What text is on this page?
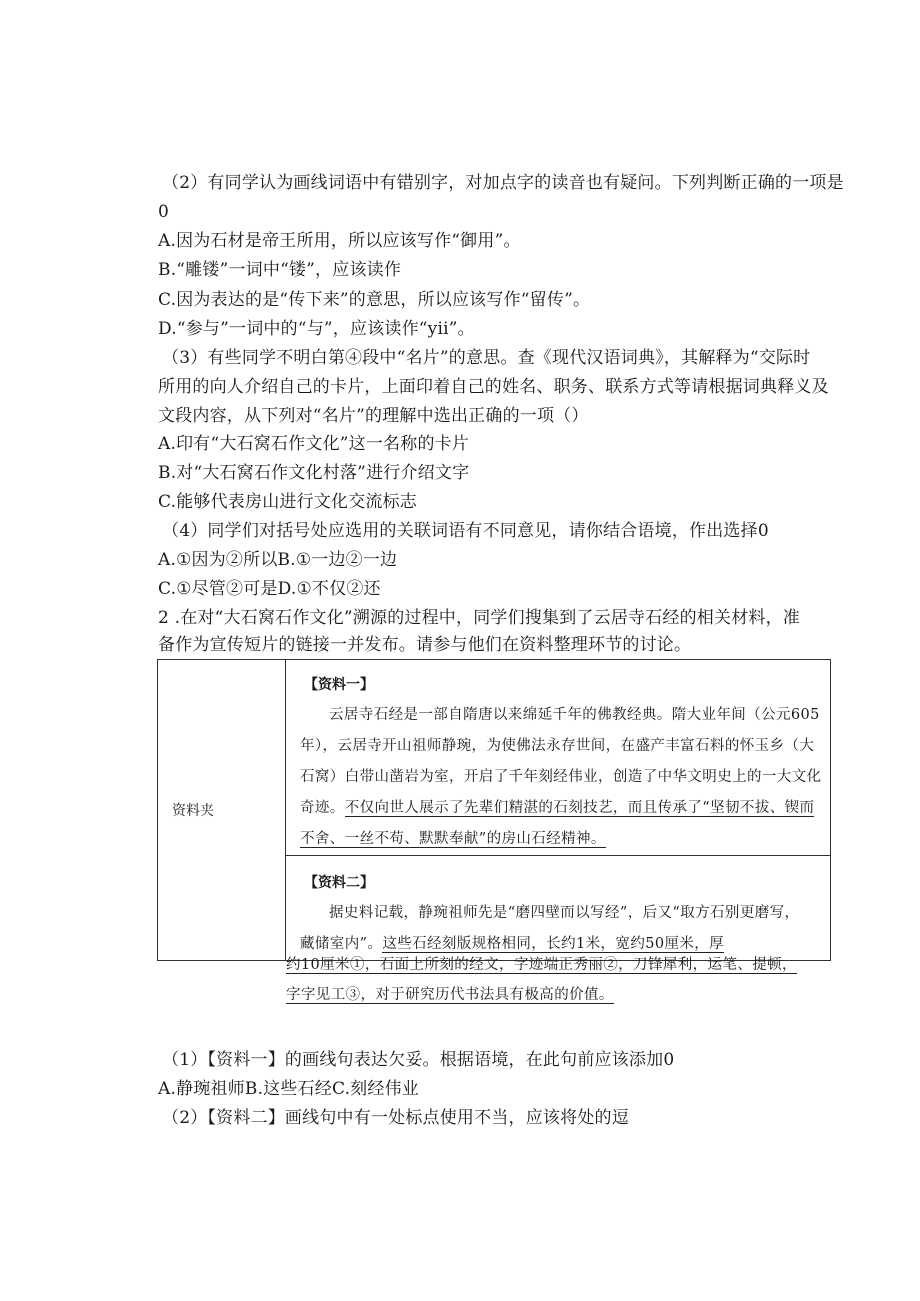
（2）有同学认为画线词语中有错别字，对加点字的读音也有疑问。下列判断正确的一项是
0
A.因为石材是帝王所用，所以应该写作“御用”。
B.“雕镂”一词中“镂”，应该读作
C.因为表达的是“传下来”的意思，所以应该写作“留传”。
D.“参与”一词中的“与”，应该读作“yii”。
（3）有些同学不明白第④段中“名片”的意思。查《现代汉语词典》，其解释为“交际时
所用的向人介绍自己的卡片，上面印着自己的姓名、职务、联系方式等请根据词典释义及
文段内容，从下列对“名片”的理解中选出正确的一项（）
A.印有“大石窝石作文化”这一名称的卡片
B.对“大石窝石作文化村落”进行介绍文字
C.能够代表房山进行文化交流标志
（4）同学们对括号处应选用的关联词语有不同意见，请你结合语境，作出选择0
A.①因为②所以B.①一边②一边
C.①尽管②可是D.①不仅②还
2 .在对“大石窝石作文化”溯源的过程中，同学们搜集到了云居寺石经的相关材料，准
备作为宣传短片的链接一并发布。请参与他们在资料整理环节的讨论。
资料夹	
【资料一】
云居寺石经是一部自隋唐以来绵延千年的佛教经典。隋大业年间（公元605
年），云居寺开山祖师静琬，为使佛法永存世间，在盛产丰富石料的怀玉乡（大
石窝）白带山凿岩为室，开启了千年刻经伟业，创造了中华文明史上的一大文化
奇迹。不仅向世人展示了先辈们精湛的石刻技艺，而且传承了“坚韧不拔、锲而
不舍、一丝不苟、默默奉献”的房山石经精神。

【资料二】
据史料记载，静琬祖师先是“磨四壁而以写经”，后又“取方石别更磨写，
藏储室内”。这些石经刻版规格相同，长约1米，宽约50厘米，厚
约10厘米①，石面上所刻的经文，字迹端正秀丽②，刀锋犀利，运笔、提顿，
字字见工③，对于研究历代书法具有极高的价值。
（1）【资料一】的画线句表达欠妥。根据语境，在此句前应该添加0
A.静琬祖师B.这些石经C.刻经伟业
（2）【资料二】画线句中有一处标点使用不当，应该将处的逗
